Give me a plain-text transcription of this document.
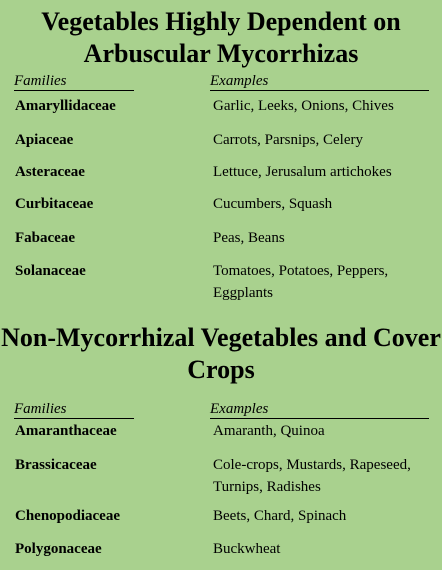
Vegetables Highly Dependent on Arbuscular Mycorrhizas
Families	Examples
Amaryllidaceae	Garlic, Leeks, Onions, Chives
Apiaceae	Carrots, Parsnips, Celery
Asteraceae	Lettuce, Jerusalum artichokes
Curbitaceae	Cucumbers, Squash
Fabaceae	Peas, Beans
Solanaceae	Tomatoes, Potatoes, Peppers, Eggplants
Non-Mycorrhizal Vegetables and Cover Crops
Families	Examples
Amaranthaceae	Amaranth, Quinoa
Brassicaceae	Cole-crops, Mustards, Rapeseed, Turnips, Radishes
Chenopodiaceae	Beets, Chard, Spinach
Polygonaceae	Buckwheat
